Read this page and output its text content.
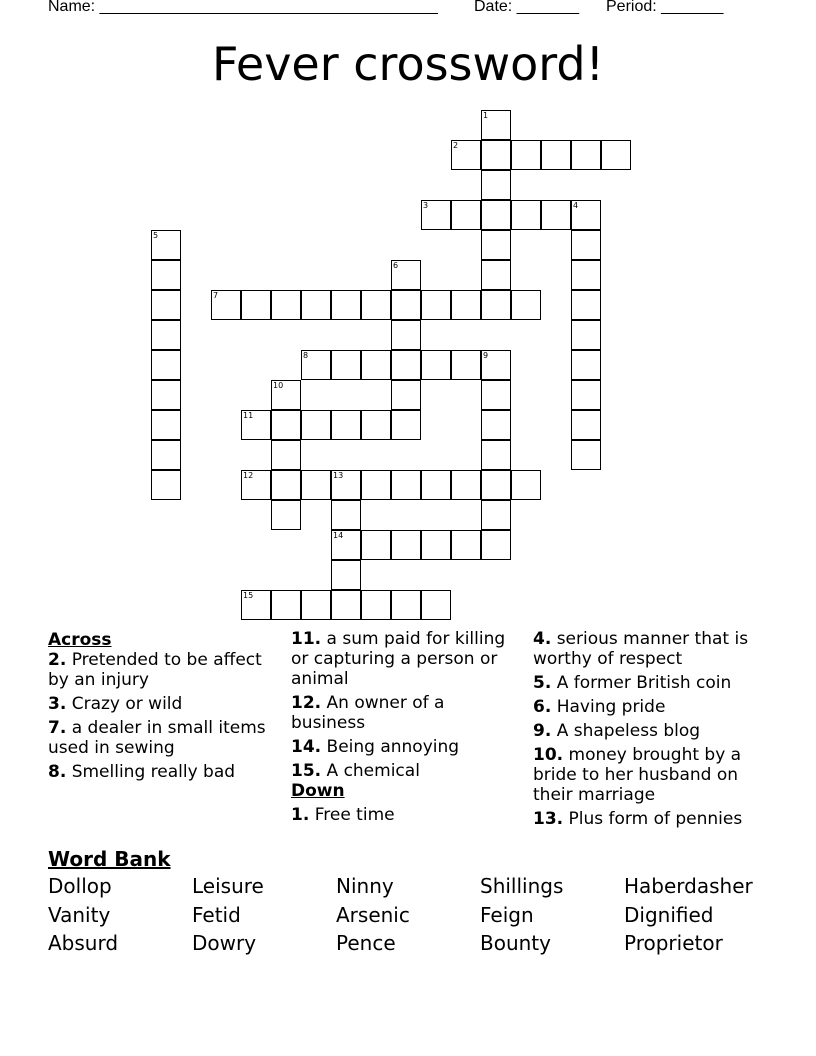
Name: ______________________________________ Date: _______ Period: _______
Fever crossword!
1
2
3	4
5
6
7
8	9
10
11
12	13
14
15
Across
2. Pretended to be affect by an injury
3. Crazy or wild
7. a dealer in small items used in sewing
8. Smelling really bad
11. a sum paid for killing or capturing a person or animal
12. An owner of a business
14. Being annoying
15. A chemical
Down
1. Free time
4. serious manner that is worthy of respect
5. A former British coin
6. Having pride
9. A shapeless blog
10. money brought by a bride to her husband on their marriage
13. Plus form of pennies
Word Bank
Dollop	Leisure	Ninny	Shillings	Haberdasher
Vanity	Fetid	Arsenic	Feign	Dignified
Absurd	Dowry	Pence	Bounty	Proprietor
